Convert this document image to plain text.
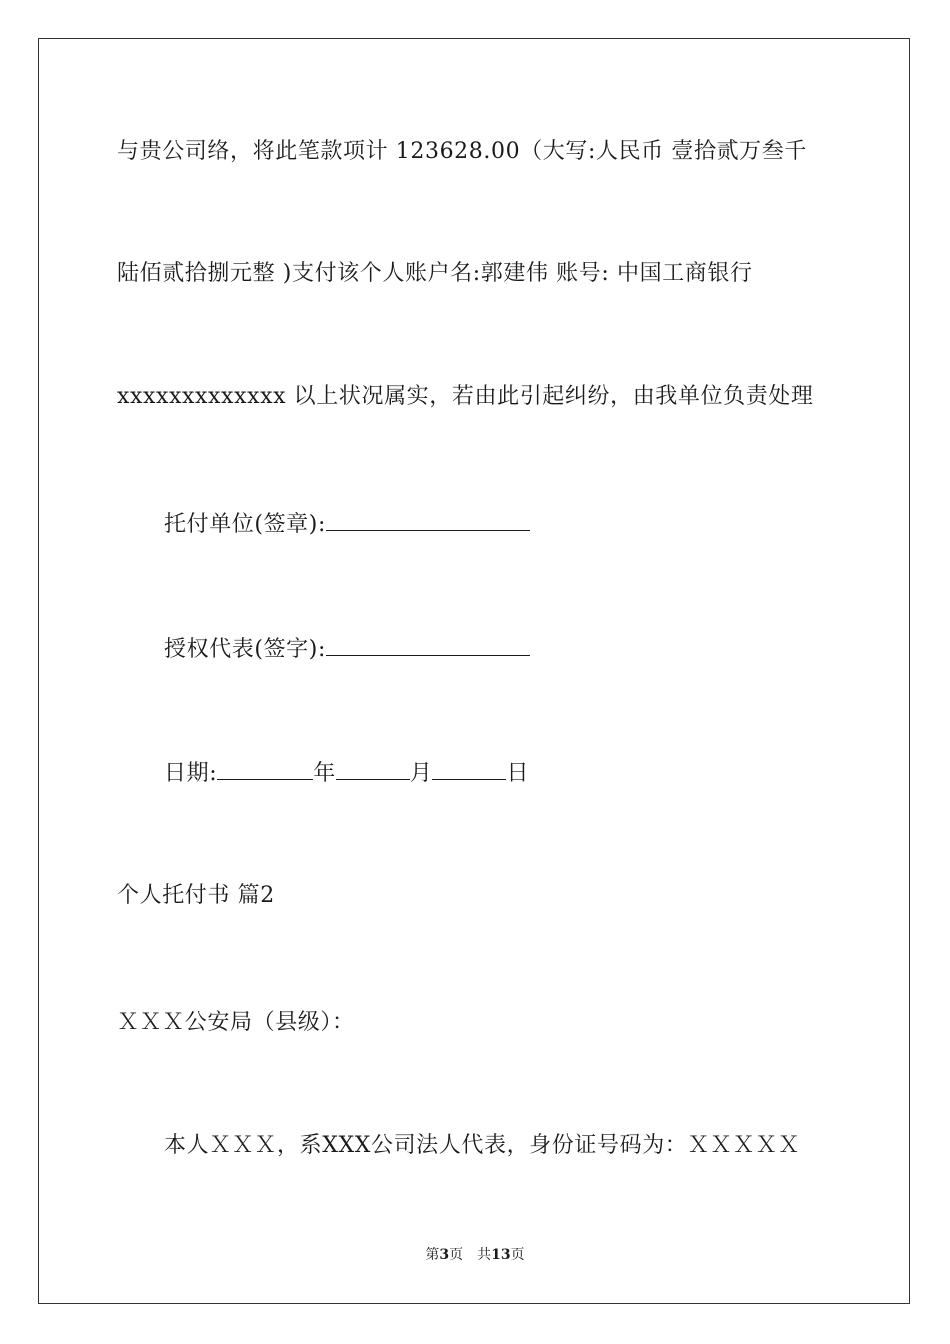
与贵公司络，将此笔款项计 123628.00（大写:人民币 壹拾贰万叁千
陆佰贰拾捌元整 )支付该个人账户名:郭建伟 账号: 中国工商银行
xxxxxxxxxxxxx 以上状况属实，若由此引起纠纷，由我单位负责处理
托付单位(签章):
授权代表(签字):
日期:	年	月	日
个人托付书 篇2
ＸＸＸ公安局（县级）：
本人ＸＸＸ，系XXX公司法人代表，身份证号码为：ＸＸＸＸＸ
第3页 共13页
